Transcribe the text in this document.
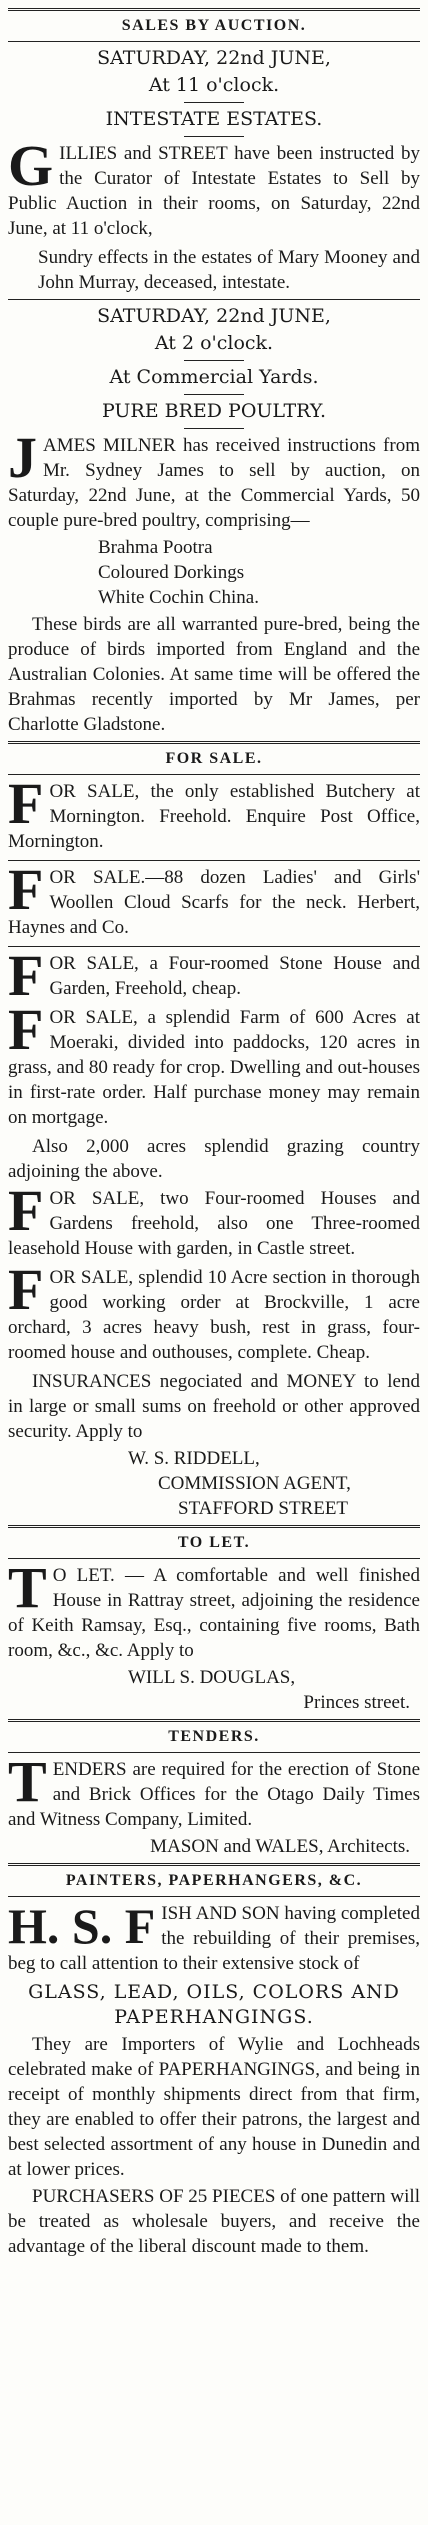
SALES BY AUCTION.
SATURDAY, 22nd JUNE,
At 11 o'clock.
INTESTATE ESTATES.
GILLIES and STREET have been instructed by the Curator of Intestate Estates to Sell by Public Auction in their rooms, on Saturday, 22nd June, at 11 o'clock,
Sundry effects in the estates of Mary Mooney and John Murray, deceased, intestate.
SATURDAY, 22nd JUNE,
At 2 o'clock.
At Commercial Yards.
PURE BRED POULTRY.
JAMES MILNER has received instructions from Mr. Sydney James to sell by auction, on Saturday, 22nd June, at the Commercial Yards, 50 couple pure-bred poultry, comprising—
Brahma Pootra
Coloured Dorkings
White Cochin China.
These birds are all warranted pure-bred, being the produce of birds imported from England and the Australian Colonies. At same time will be offered the Brahmas recently imported by Mr James, per Charlotte Gladstone.
FOR SALE.
FOR SALE, the only established Butchery at Mornington. Freehold. Enquire Post Office, Mornington.
FOR SALE.—88 dozen Ladies' and Girls' Woollen Cloud Scarfs for the neck. Herbert, Haynes and Co.
FOR SALE, a Four-roomed Stone House and Garden, Freehold, cheap.
FOR SALE, a splendid Farm of 600 Acres at Moeraki, divided into paddocks, 120 acres in grass, and 80 ready for crop. Dwelling and out-houses in first-rate order. Half purchase money may remain on mortgage.
Also 2,000 acres splendid grazing country adjoining the above.
FOR SALE, two Four-roomed Houses and Gardens freehold, also one Three-roomed leasehold House with garden, in Castle street.
FOR SALE, splendid 10 Acre section in thorough good working order at Brockville, 1 acre orchard, 3 acres heavy bush, rest in grass, four-roomed house and outhouses, complete. Cheap.
INSURANCES negociated and MONEY to lend in large or small sums on freehold or other approved security. Apply to
W. S. RIDDELL,
COMMISSION AGENT,
STAFFORD STREET
TO LET.
T O LET. — A comfortable and well finished House in Rattray street, adjoining the residence of Keith Ramsay, Esq., containing five rooms, Bath room, &c., &c. Apply to
WILL S. DOUGLAS,
Princes street.
TENDERS.
TENDERS are required for the erection of Stone and Brick Offices for the Otago Daily Times and Witness Company, Limited.
MASON and WALES, Architects.
PAINTERS, PAPERHANGERS, &C.
H. S. F ISH AND SON having completed the rebuilding of their premises, beg to call attention to their extensive stock of
GLASS, LEAD, OILS, COLORS AND PAPERHANGINGS.
They are Importers of Wylie and Lochheads celebrated make of PAPERHANGINGS, and being in receipt of monthly shipments direct from that firm, they are enabled to offer their patrons, the largest and best selected assortment of any house in Dunedin and at lower prices.
PURCHASERS OF 25 PIECES of one pattern will be treated as wholesale buyers, and receive the advantage of the liberal discount made to them.
